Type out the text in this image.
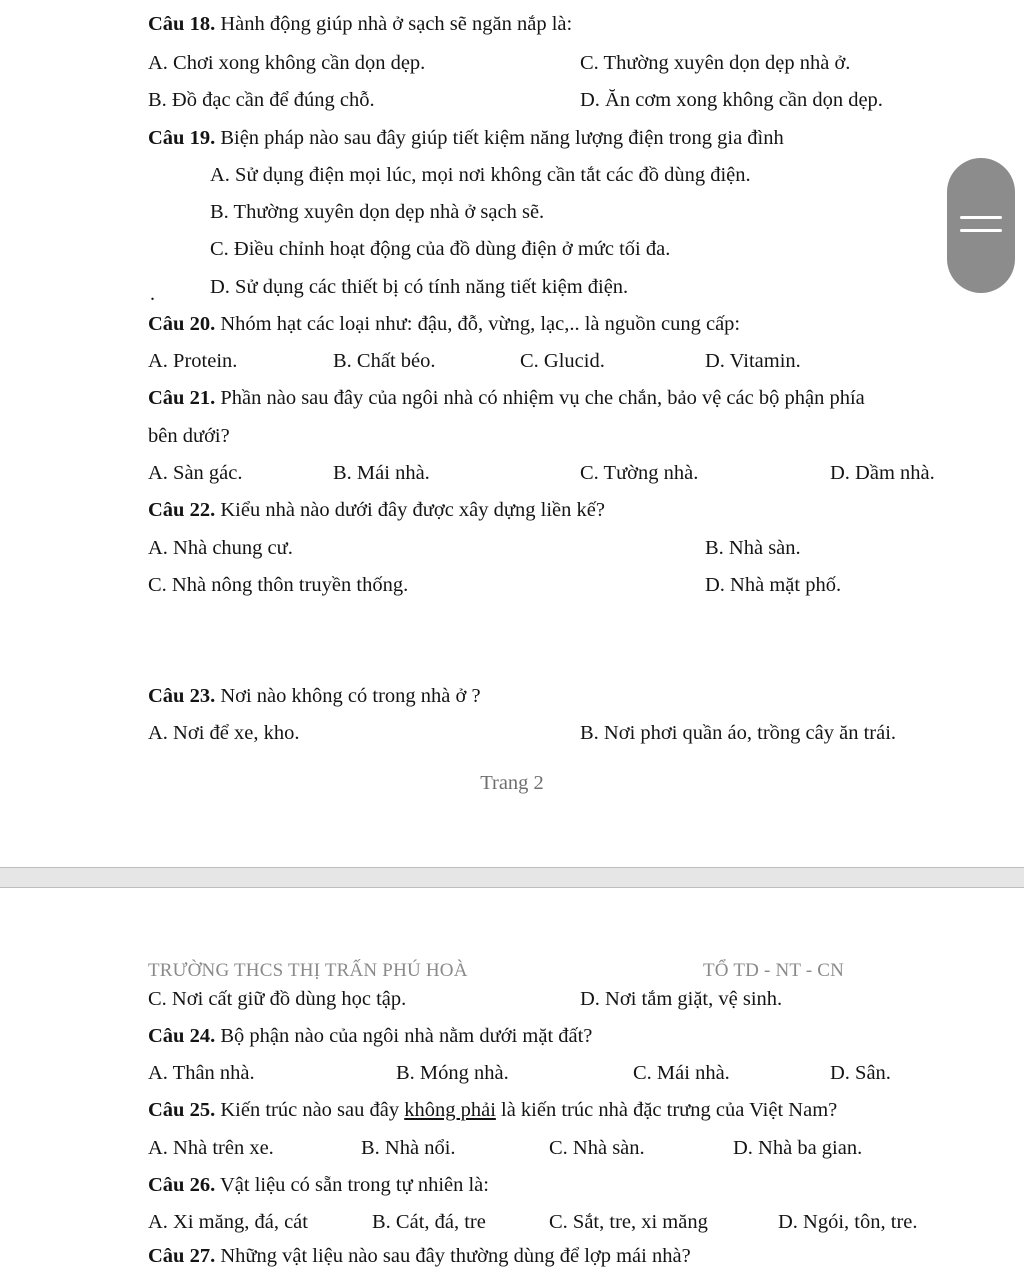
Câu 18. Hành động giúp nhà ở sạch sẽ ngăn nắp là:
A. Chơi xong không cần dọn dẹp.	C. Thường xuyên dọn dẹp nhà ở.
B. Đồ đạc cần để đúng chỗ.	D. Ăn cơm xong không cần dọn dẹp.
Câu 19. Biện pháp nào sau đây giúp tiết kiệm năng lượng điện trong gia đình
A. Sử dụng điện mọi lúc, mọi nơi không cần tắt các đồ dùng điện.
B. Thường xuyên dọn dẹp nhà ở sạch sẽ.
C. Điều chỉnh hoạt động của đồ dùng điện ở mức tối đa.
.	D. Sử dụng các thiết bị có tính năng tiết kiệm điện.
Câu 20. Nhóm hạt các loại như: đậu, đỗ, vừng, lạc,.. là nguồn cung cấp:
A. Protein.	B. Chất béo.	C. Glucid.	D. Vitamin.
Câu 21. Phần nào sau đây của ngôi nhà có nhiệm vụ che chắn, bảo vệ các bộ phận phía
bên dưới?
A. Sàn gác.	B. Mái nhà.	C. Tường nhà.	D. Dầm nhà.
Câu 22. Kiểu nhà nào dưới đây được xây dựng liền kế?
A. Nhà chung cư.	B. Nhà sàn.
C. Nhà nông thôn truyền thống.	D. Nhà mặt phố.
Câu 23. Nơi nào không có trong nhà ở ?
A. Nơi để xe, kho.	B. Nơi phơi quần áo, trồng cây ăn trái.
Trang 2
TRƯỜNG THCS THỊ TRẤN PHÚ HOÀ	TỔ TD - NT - CN
C. Nơi cất giữ đồ dùng học tập.	D. Nơi tắm giặt, vệ sinh.
Câu 24. Bộ phận nào của ngôi nhà nằm dưới mặt đất?
A. Thân nhà.	B. Móng nhà.	C. Mái nhà.	D. Sân.
Câu 25. Kiến trúc nào sau đây không phải là kiến trúc nhà đặc trưng của Việt Nam?
A. Nhà trên xe.	B. Nhà nổi.	C. Nhà sàn.	D. Nhà ba gian.
Câu 26. Vật liệu có sẵn trong tự nhiên là:
A. Xi măng, đá, cát	B. Cát, đá, tre	C. Sắt, tre, xi măng	D. Ngói, tôn, tre.
Câu 27. Những vật liệu nào sau đây thường dùng để lợp mái nhà?
